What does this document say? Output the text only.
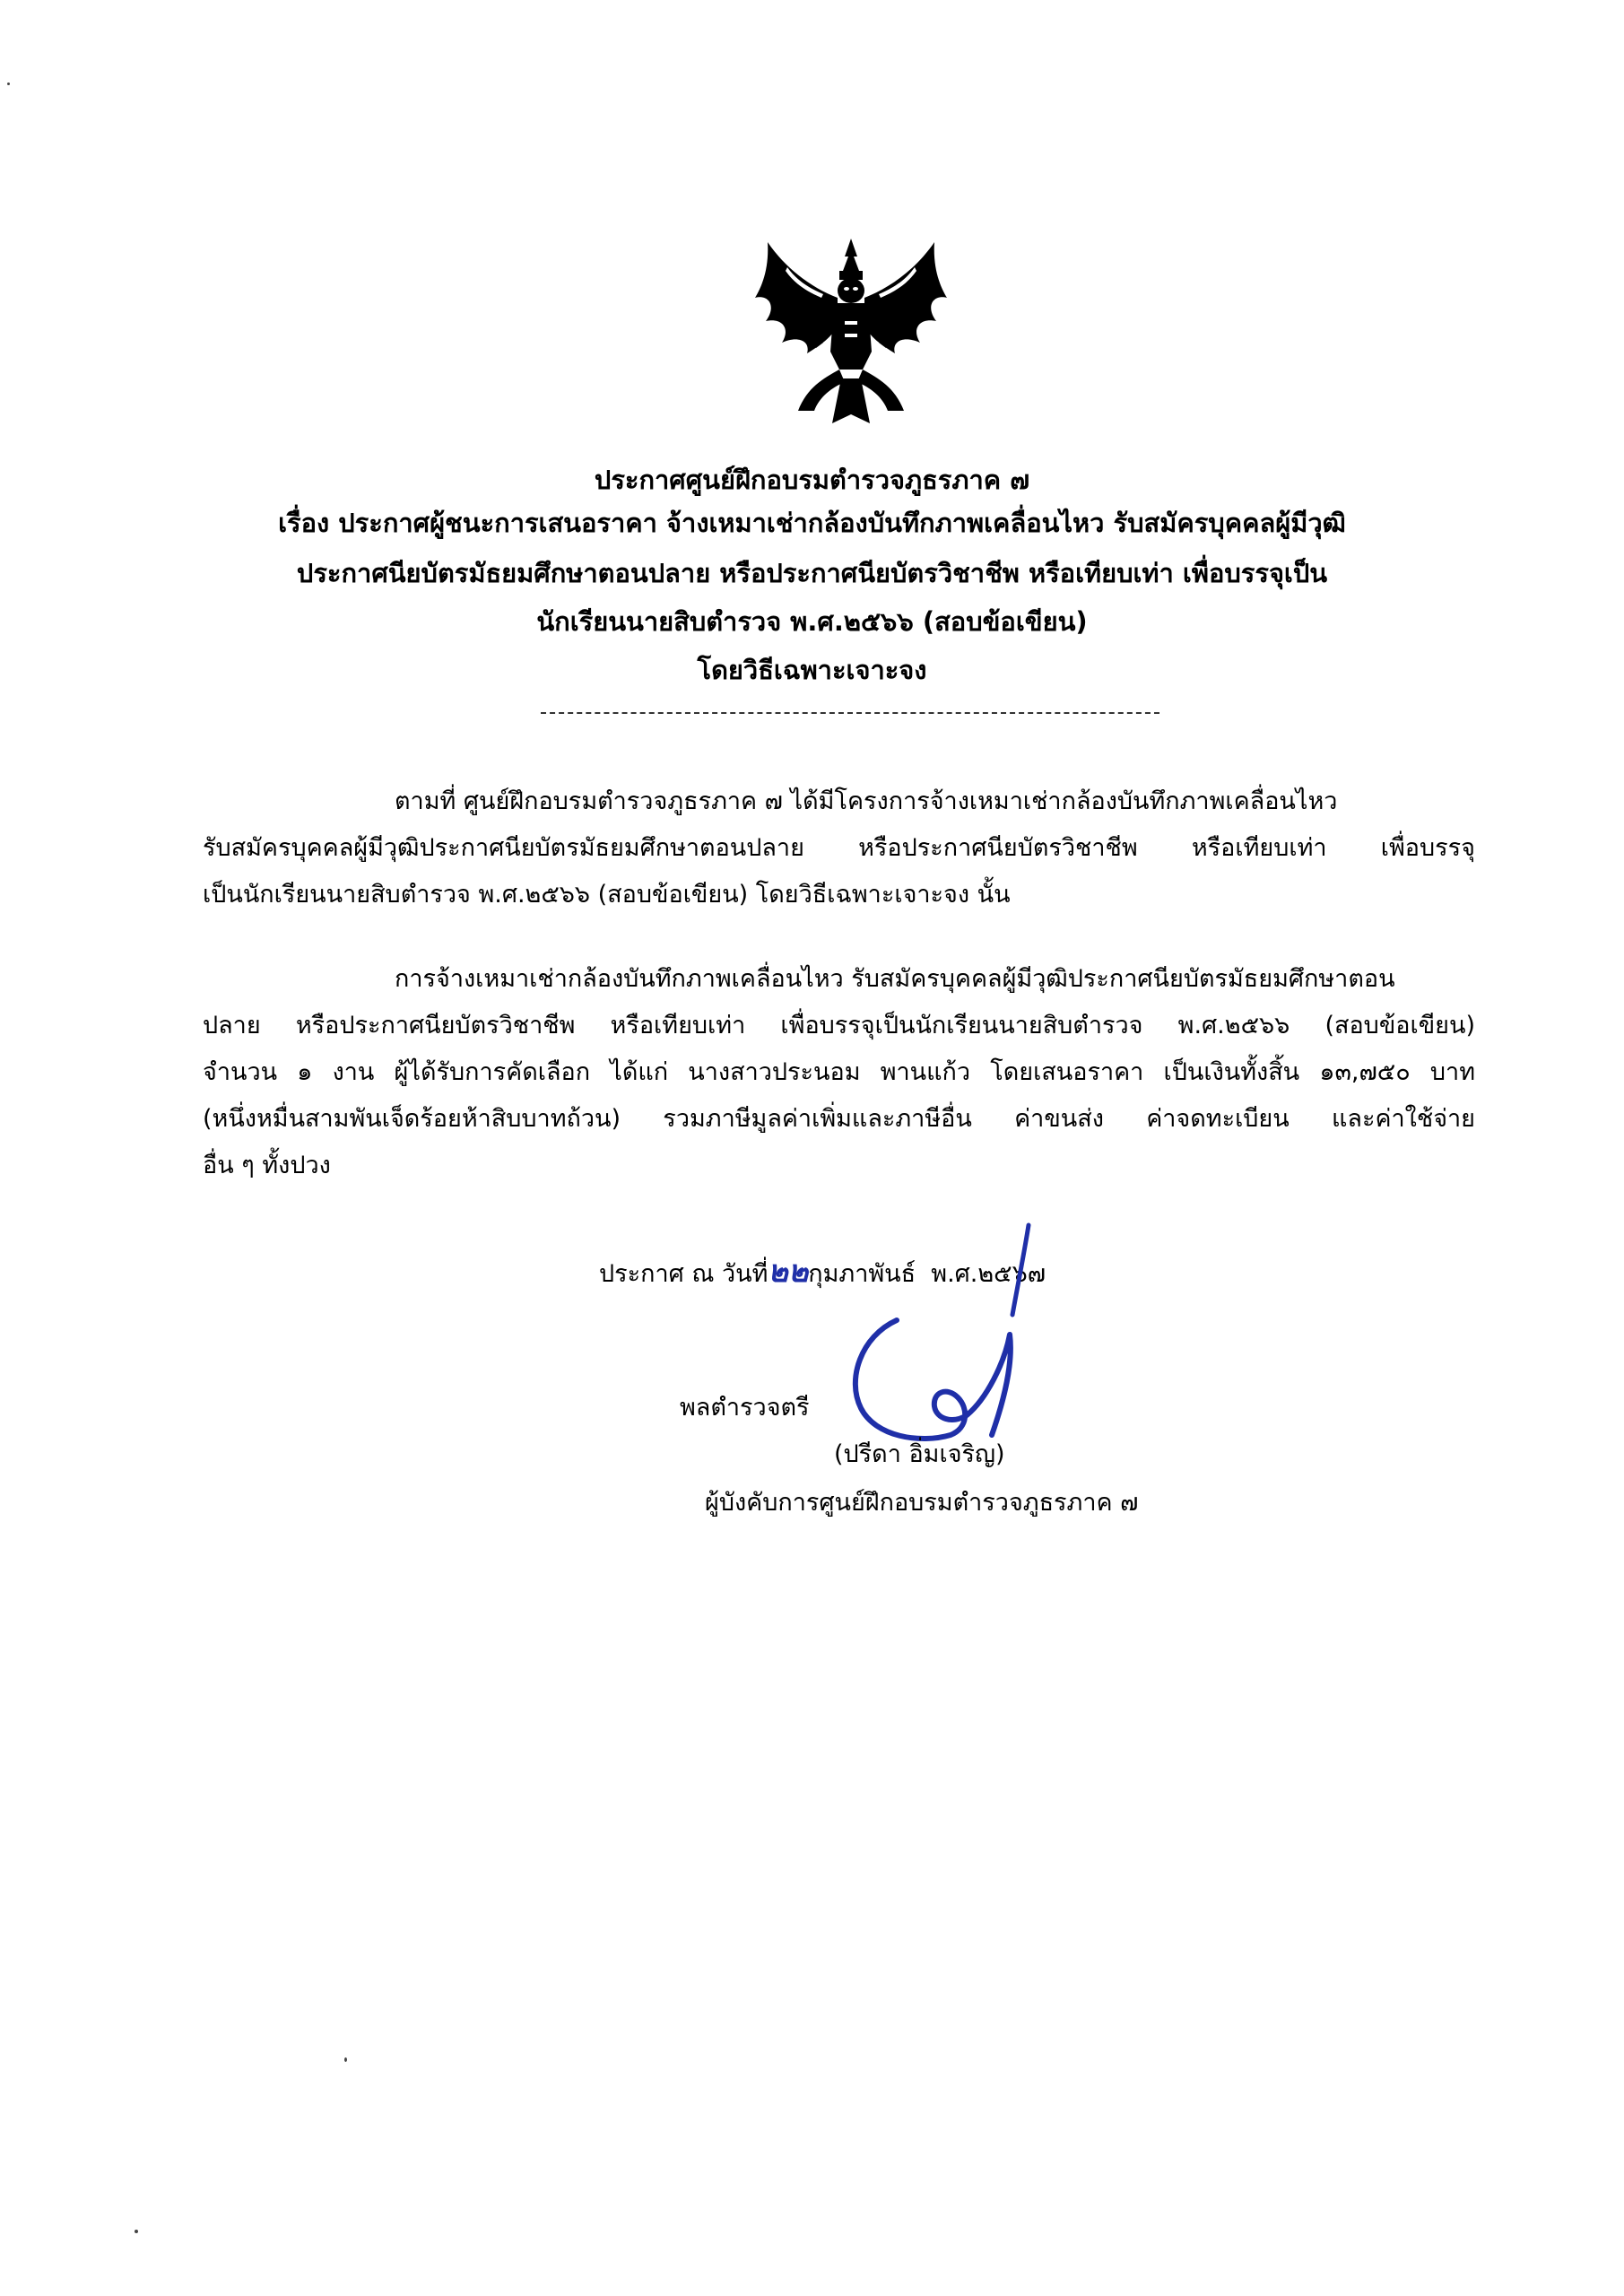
ประกาศศูนย์ฝึกอบรมตำรวจภูธรภาค ๗
เรื่อง ประกาศผู้ชนะการเสนอราคา จ้างเหมาเช่ากล้องบันทึกภาพเคลื่อนไหว รับสมัครบุคคลผู้มีวุฒิ
ประกาศนียบัตรมัธยมศึกษาตอนปลาย หรือประกาศนียบัตรวิชาชีพ หรือเทียบเท่า เพื่อบรรจุเป็น
นักเรียนนายสิบตำรวจ พ.ศ.๒๕๖๖ (สอบข้อเขียน)
โดยวิธีเฉพาะเจาะจง
ตามที่ ศูนย์ฝึกอบรมตำรวจภูธรภาค ๗ ได้มีโครงการจ้างเหมาเช่ากล้องบันทึกภาพเคลื่อนไหว
รับสมัครบุคคลผู้มีวุฒิประกาศนียบัตรมัธยมศึกษาตอนปลาย หรือประกาศนียบัตรวิชาชีพ หรือเทียบเท่า เพื่อบรรจุ
เป็นนักเรียนนายสิบตำรวจ พ.ศ.๒๕๖๖ (สอบข้อเขียน) โดยวิธีเฉพาะเจาะจง นั้น
การจ้างเหมาเช่ากล้องบันทึกภาพเคลื่อนไหว รับสมัครบุคคลผู้มีวุฒิประกาศนียบัตรมัธยมศึกษาตอน
ปลาย หรือประกาศนียบัตรวิชาชีพ หรือเทียบเท่า เพื่อบรรจุเป็นนักเรียนนายสิบตำรวจ พ.ศ.๒๕๖๖ (สอบข้อเขียน)
จำนวน ๑ งาน ผู้ได้รับการคัดเลือก ได้แก่ นางสาวประนอม พานแก้ว โดยเสนอราคา เป็นเงินทั้งสิ้น ๑๓,๗๕๐ บาท
(หนึ่งหมื่นสามพันเจ็ดร้อยห้าสิบบาทถ้วน) รวมภาษีมูลค่าเพิ่มและภาษีอื่น ค่าขนส่ง ค่าจดทะเบียน และค่าใช้จ่าย
อื่น ๆ ทั้งปวง
ประกาศ ณ วันที่๒๒กุมภาพันธ์ พ.ศ.๒๕๖๗
พลตำรวจตรี
(ปรีดา อิ่มเจริญ)
ผู้บังคับการศูนย์ฝึกอบรมตำรวจภูธรภาค ๗
